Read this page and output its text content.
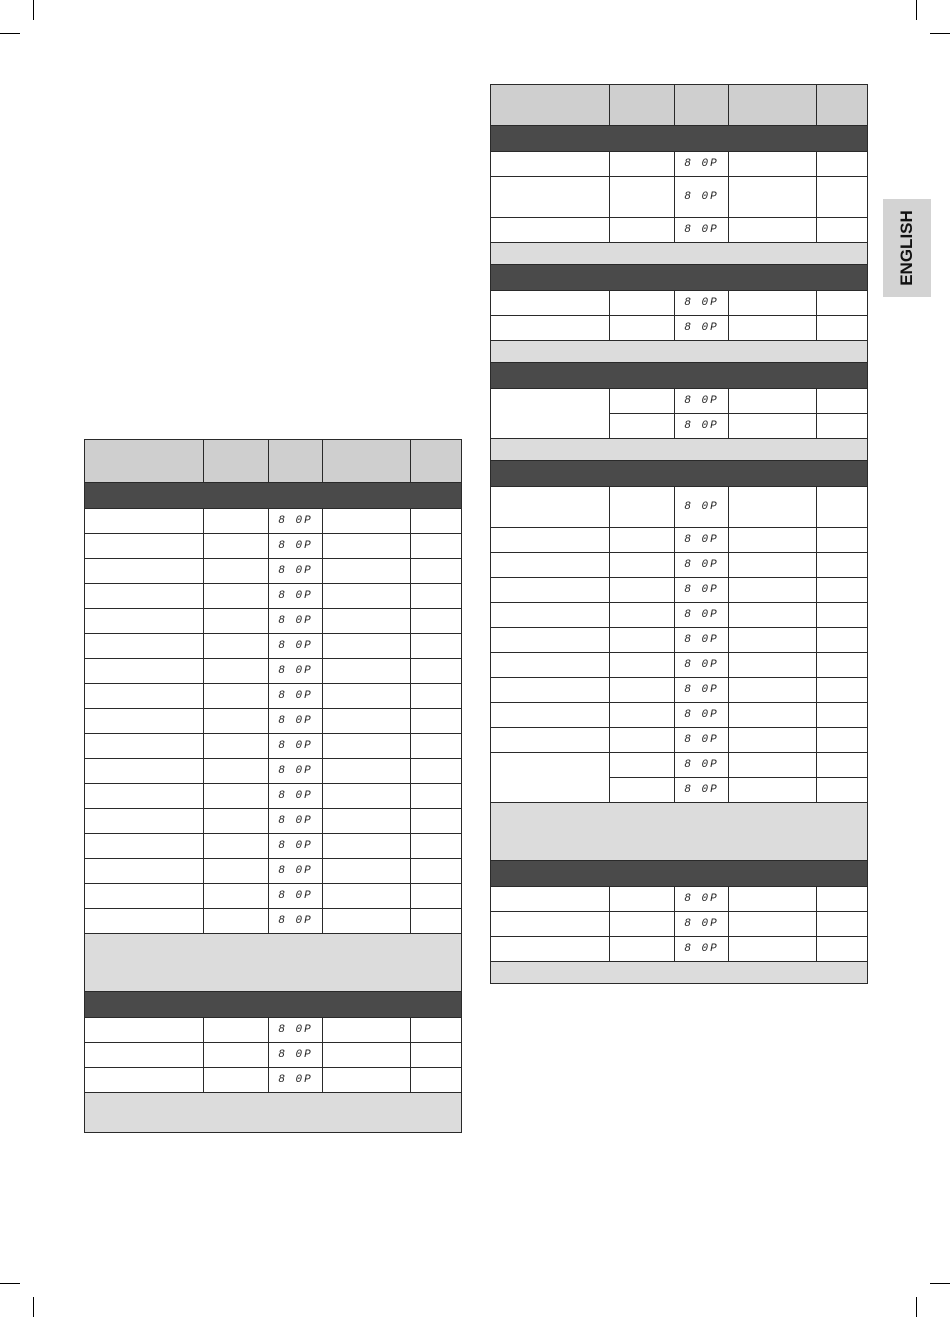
ENGLISH

		8 0P		
		8 0P		
		8 0P		
		8 0P		
		8 0P		
		8 0P		
		8 0P		
		8 0P		
		8 0P		
		8 0P		
		8 0P		
		8 0P		
		8 0P		
		8 0P		
		8 0P		
		8 0P		
		8 0P		

		8 0P		
		8 0P		
		8 0P		

		8 0P		
		8 0P		
		8 0P		

		8 0P		
		8 0P		

		8 0P		
		8 0P		

		8 0P		
		8 0P		
		8 0P		
		8 0P		
		8 0P		
		8 0P		
		8 0P		
		8 0P		
		8 0P		
		8 0P		
		8 0P		
		8 0P		

		8 0P		
		8 0P		
		8 0P		
